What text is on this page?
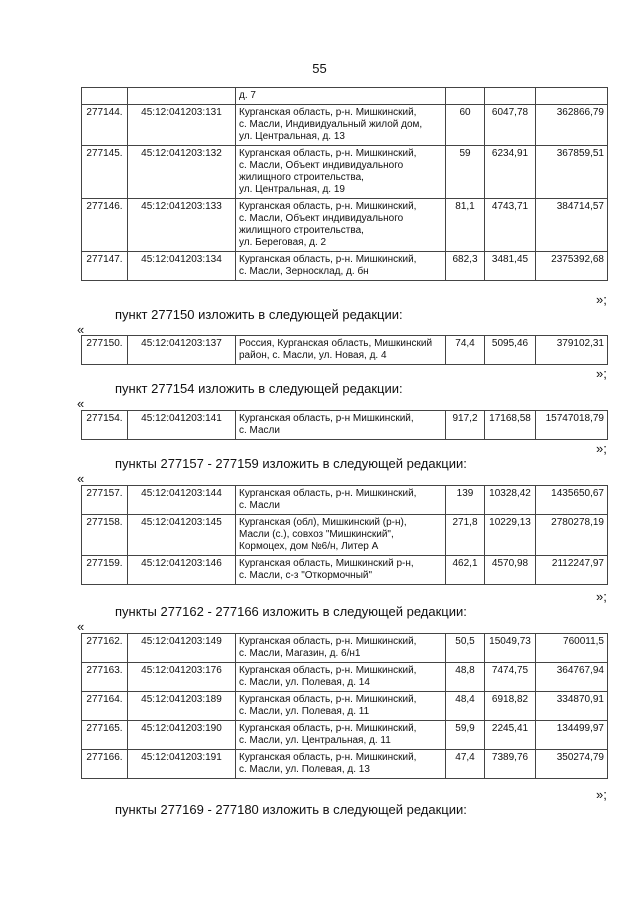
55

		д. 7			

277144.	45:12:041203:131	Курганская область, р-н. Мишкинский,
с. Масли, Индивидуальный жилой дом,
ул. Центральная, д. 13	60	6047,78	362866,79
277145.	45:12:041203:132	Курганская область, р-н. Мишкинский,
с. Масли, Объект индивидуального
жилищного строительства,
ул. Центральная, д. 19	59	6234,91	367859,51
277146.	45:12:041203:133	Курганская область, р-н. Мишкинский,
с. Масли, Объект индивидуального
жилищного строительства,
ул. Береговая, д. 2	81,1	4743,71	384714,57
277147.	45:12:041203:134	Курганская область, р-н. Мишкинский,
с. Масли, Зерносклад, д. бн	682,3	3481,45	2375392,68
»;
пункт 277150 изложить в следующей редакции:
«
277150.	45:12:041203:137	Россия, Курганская область, Мишкинский
район, с. Масли, ул. Новая, д. 4
	74,4	5095,46	379102,31
»;
пункт 277154 изложить в следующей редакции:
«
277154.	45:12:041203:141	Курганская область, р-н Мишкинский,
с. Масли
	917,2	17168,58	15747018,79
»;
пункты 277157 - 277159 изложить в следующей редакции:
«
277157.	45:12:041203:144	Курганская область, р-н. Мишкинский,
с. Масли	139	10328,42	1435650,67
277158.	45:12:041203:145	Курганская (обл), Мишкинский (р-н),
Масли (с.), совхоз "Мишкинский",
Кормоцех, дом №6/н, Литер А	271,8	10229,13	2780278,19
277159.	45:12:041203:146	Курганская область, Мишкинский р-н,
с. Масли, с-з "Откормочный"	462,1	4570,98	2112247,97
»;
пункты 277162 - 277166 изложить в следующей редакции:
«
277162.	45:12:041203:149	Курганская область, р-н. Мишкинский,
с. Масли, Магазин, д. 6/н1	50,5	15049,73	760011,5
277163.	45:12:041203:176	Курганская область, р-н. Мишкинский,
с. Масли, ул. Полевая, д. 14	48,8	7474,75	364767,94
277164.	45:12:041203:189	Курганская область, р-н. Мишкинский,
с. Масли, ул. Полевая, д. 11	48,4	6918,82	334870,91
277165.	45:12:041203:190	Курганская область, р-н. Мишкинский,
с. Масли, ул. Центральная, д. 11	59,9	2245,41	134499,97
277166.	45:12:041203:191	Курганская область, р-н. Мишкинский,
с. Масли, ул. Полевая, д. 13	47,4	7389,76	350274,79
»;
пункты 277169 - 277180 изложить в следующей редакции:
